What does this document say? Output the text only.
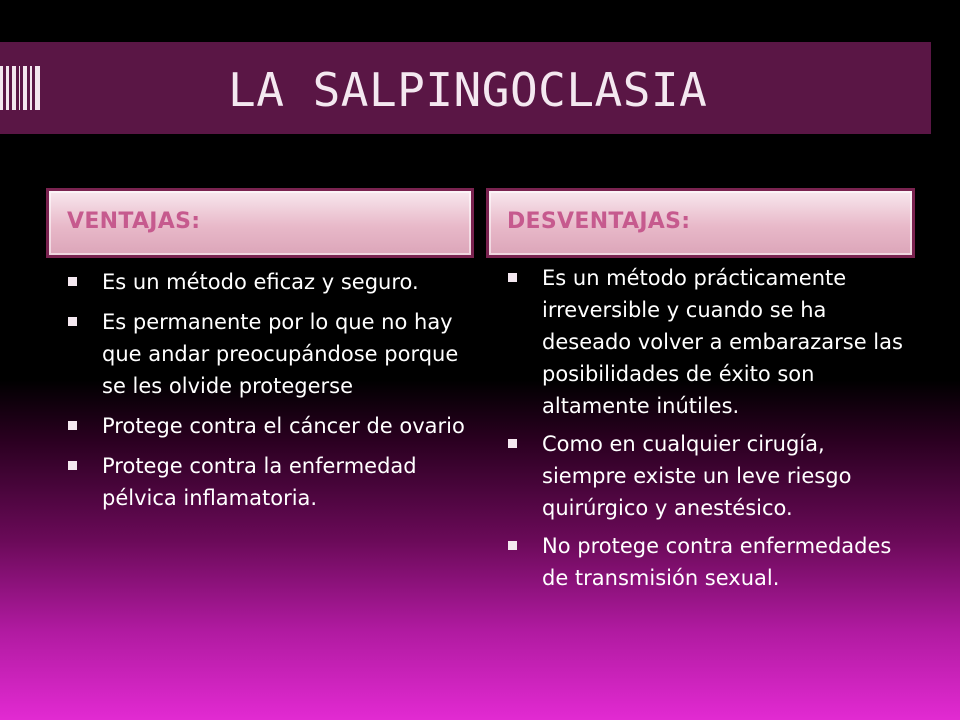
LA SALPINGOCLASIA
VENTAJAS:	DESVENTAJAS:
Es un método eficaz y seguro.
Es permanente por lo que no hay que andar preocupándose porque se les olvide protegerse
Protege contra el cáncer de ovario
Protege contra la enfermedad pélvica inflamatoria.
Es un método prácticamente irreversible y cuando se ha deseado volver a embarazarse las posibilidades de éxito son altamente inútiles.
Como en cualquier cirugía, siempre existe un leve riesgo quirúrgico y anestésico.
No protege contra enfermedades de transmisión sexual.
